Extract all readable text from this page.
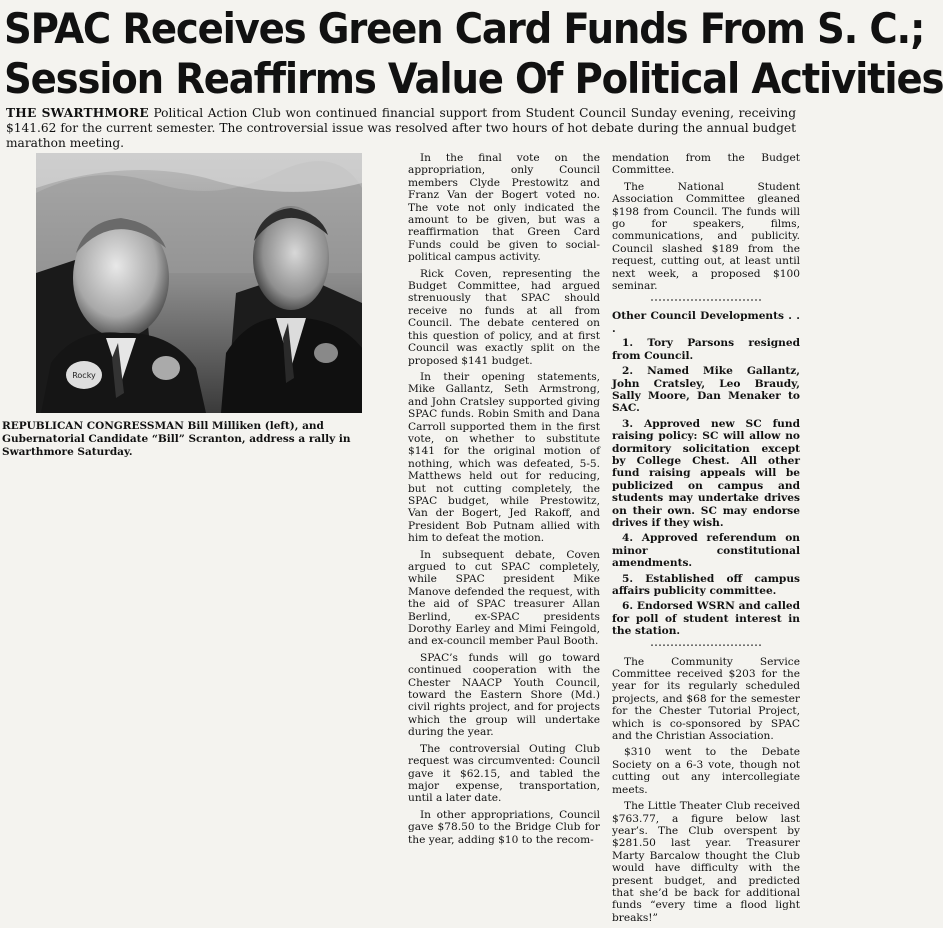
SPAC Receives Green Card Funds From S. C.;
Session Reaffirms Value Of Political Activities
THE SWARTHMORE Political Action Club won continued financial support from Student Council Sunday evening, receiving $141.62 for the current semester. The controversial issue was resolved after two hours of hot debate during the annual budget marathon meeting.
Rocky
REPUBLICAN CONGRESSMAN Bill Milliken (left), and Gubernatorial Candidate “Bill” Scranton, address a rally in Swarthmore Saturday.

In the final vote on the appropriation, only Council members Clyde Prestowitz and Franz Van der Bogert voted no. The vote not only indicated the amount to be given, but was a reaffirmation that Green Card Funds could be given to social-political campus activity.

Rick Coven, representing the Budget Committee, had argued strenuously that SPAC should receive no funds at all from Council. The debate centered on this question of policy, and at first Council was exactly split on the proposed $141 budget.

In their opening statements, Mike Gallantz, Seth Armstrong, and John Cratsley supported giving SPAC funds. Robin Smith and Dana Carroll supported them in the first vote, on whether to substitute $141 for the original motion of nothing, which was defeated, 5-5. Matthews held out for reducing, but not cutting completely, the SPAC budget, while Prestowitz, Van der Bogert, Jed Rakoff, and President Bob Putnam allied with him to defeat the motion.

In subsequent debate, Coven argued to cut SPAC completely, while SPAC president Mike Manove defended the request, with the aid of SPAC treasurer Allan Berlind, ex-SPAC presidents Dorothy Earley and Mimi Feingold, and ex-council member Paul Booth.

SPAC’s funds will go toward continued cooperation with the Chester NAACP Youth Council, toward the Eastern Shore (Md.) civil rights project, and for projects which the group will undertake during the year.

The controversial Outing Club request was circumvented: Council gave it $62.15, and tabled the major expense, transportation, until a later date.

In other appropriations, Council gave $78.50 to the Bridge Club for the year, adding $10 to the recom-

mendation from the Budget Committee.

The National Student Association Committee gleaned $198 from Council. The funds will go for speakers, films, communications, and publicity. Council slashed $189 from the request, cutting out, at least until next week, a proposed $100 seminar.

Other Council Developments . . .

1. Tory Parsons resigned from Council.

2. Named Mike Gallantz, John Cratsley, Leo Braudy, Sally Moore, Dan Menaker to SAC.

3. Approved new SC fund raising policy: SC will allow no dormitory solicitation except by College Chest. All other fund raising appeals will be publicized on campus and students may undertake drives on their own. SC may endorse drives if they wish.

4. Approved referendum on minor constitutional amendments.

5. Established off campus affairs publicity committee.

6. Endorsed WSRN and called for poll of student interest in the station.

The Community Service Committee received $203 for the year for its regularly scheduled projects, and $68 for the semester for the Chester Tutorial Project, which is co-sponsored by SPAC and the Christian Association.

$310 went to the Debate Society on a 6-3 vote, though not cutting out any intercollegiate meets.

The Little Theater Club received $763.77, a figure below last year’s. The Club overspent by $281.50 last year. Treasurer Marty Barcalow thought the Club would have difficulty with the present budget, and predicted that she’d be back for additional funds “every time a flood light breaks!”
